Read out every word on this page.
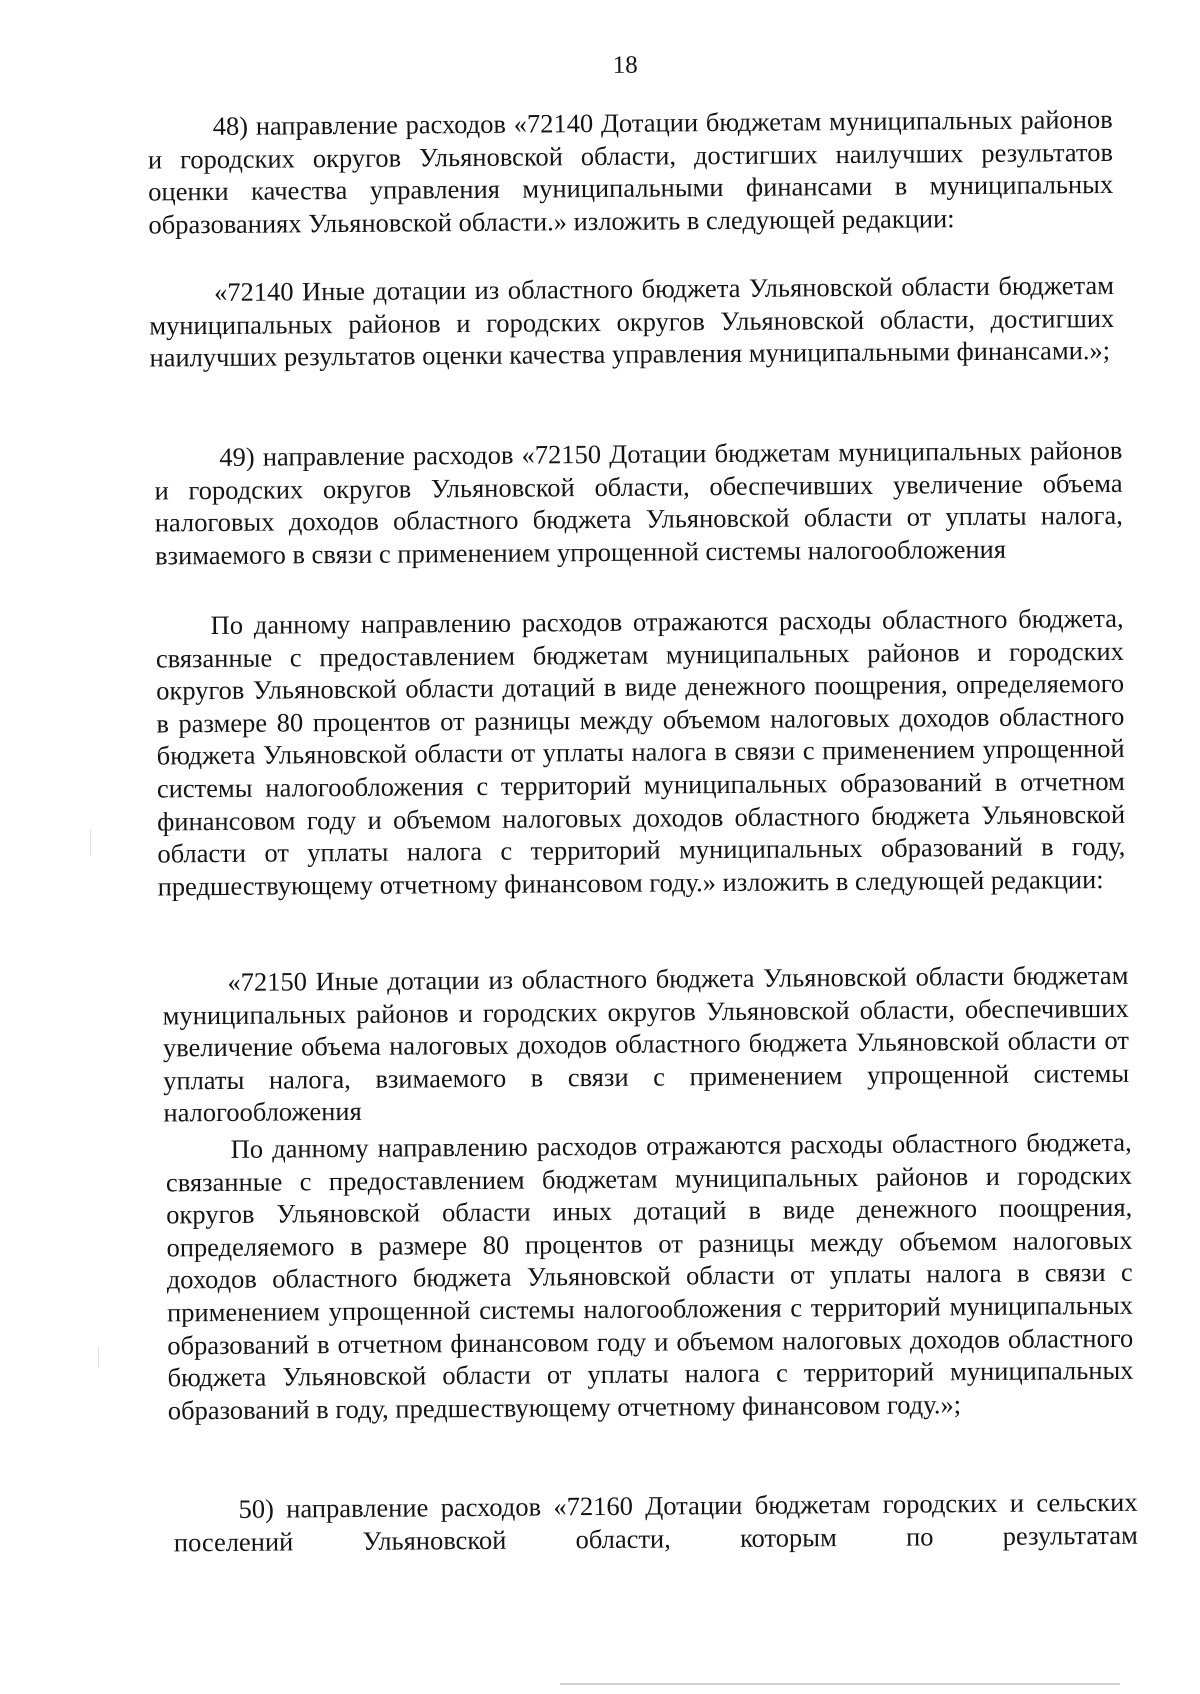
18

48) направление расходов «72140 Дотации бюджетам муниципальных районов и городских округов Ульяновской области, достигших наилучших результатов оценки качества управления муниципальными финансами в муниципальных образованиях Ульяновской области.» изложить в следующей редакции:

«72140 Иные дотации из областного бюджета Ульяновской области бюджетам муниципальных районов и городских округов Ульяновской области, достигших наилучших результатов оценки качества управления муниципальными финансами.»;

49) направление расходов «72150 Дотации бюджетам муниципальных районов и городских округов Ульяновской области, обеспечивших увеличение объема налоговых доходов областного бюджета Ульяновской области от уплаты налога, взимаемого в связи с применением упрощенной системы налогообложения

По данному направлению расходов отражаются расходы областного бюджета, связанные с предоставлением бюджетам муниципальных районов и городских округов Ульяновской области дотаций в виде денежного поощрения, определяемого в размере 80 процентов от разницы между объемом налоговых доходов областного бюджета Ульяновской области от уплаты налога в связи с применением упрощенной системы налогообложения с территорий муниципальных образований в отчетном финансовом году и объемом налоговых доходов областного бюджета Ульяновской области от уплаты налога с территорий муниципальных образований в году, предшествующему отчетному финансовом году.» изложить в следующей редакции:

«72150 Иные дотации из областного бюджета Ульяновской области бюджетам муниципальных районов и городских округов Ульяновской области, обеспечивших увеличение объема налоговых доходов областного бюджета Ульяновской области от уплаты налога, взимаемого в связи с применением упрощенной системы налогообложения

По данному направлению расходов отражаются расходы областного бюджета, связанные с предоставлением бюджетам муниципальных районов и городских округов Ульяновской области иных дотаций в виде денежного поощрения, определяемого в размере 80 процентов от разницы между объемом налоговых доходов областного бюджета Ульяновской области от уплаты налога в связи с применением упрощенной системы налогообложения с территорий муниципальных образований в отчетном финансовом году и объемом налоговых доходов областного бюджета Ульяновской области от уплаты налога с территорий муниципальных образований в году, предшествующему отчетному финансовом году.»;

50) направление расходов «72160 Дотации бюджетам городских и сельских поселений Ульяновской области, которым по результатам
